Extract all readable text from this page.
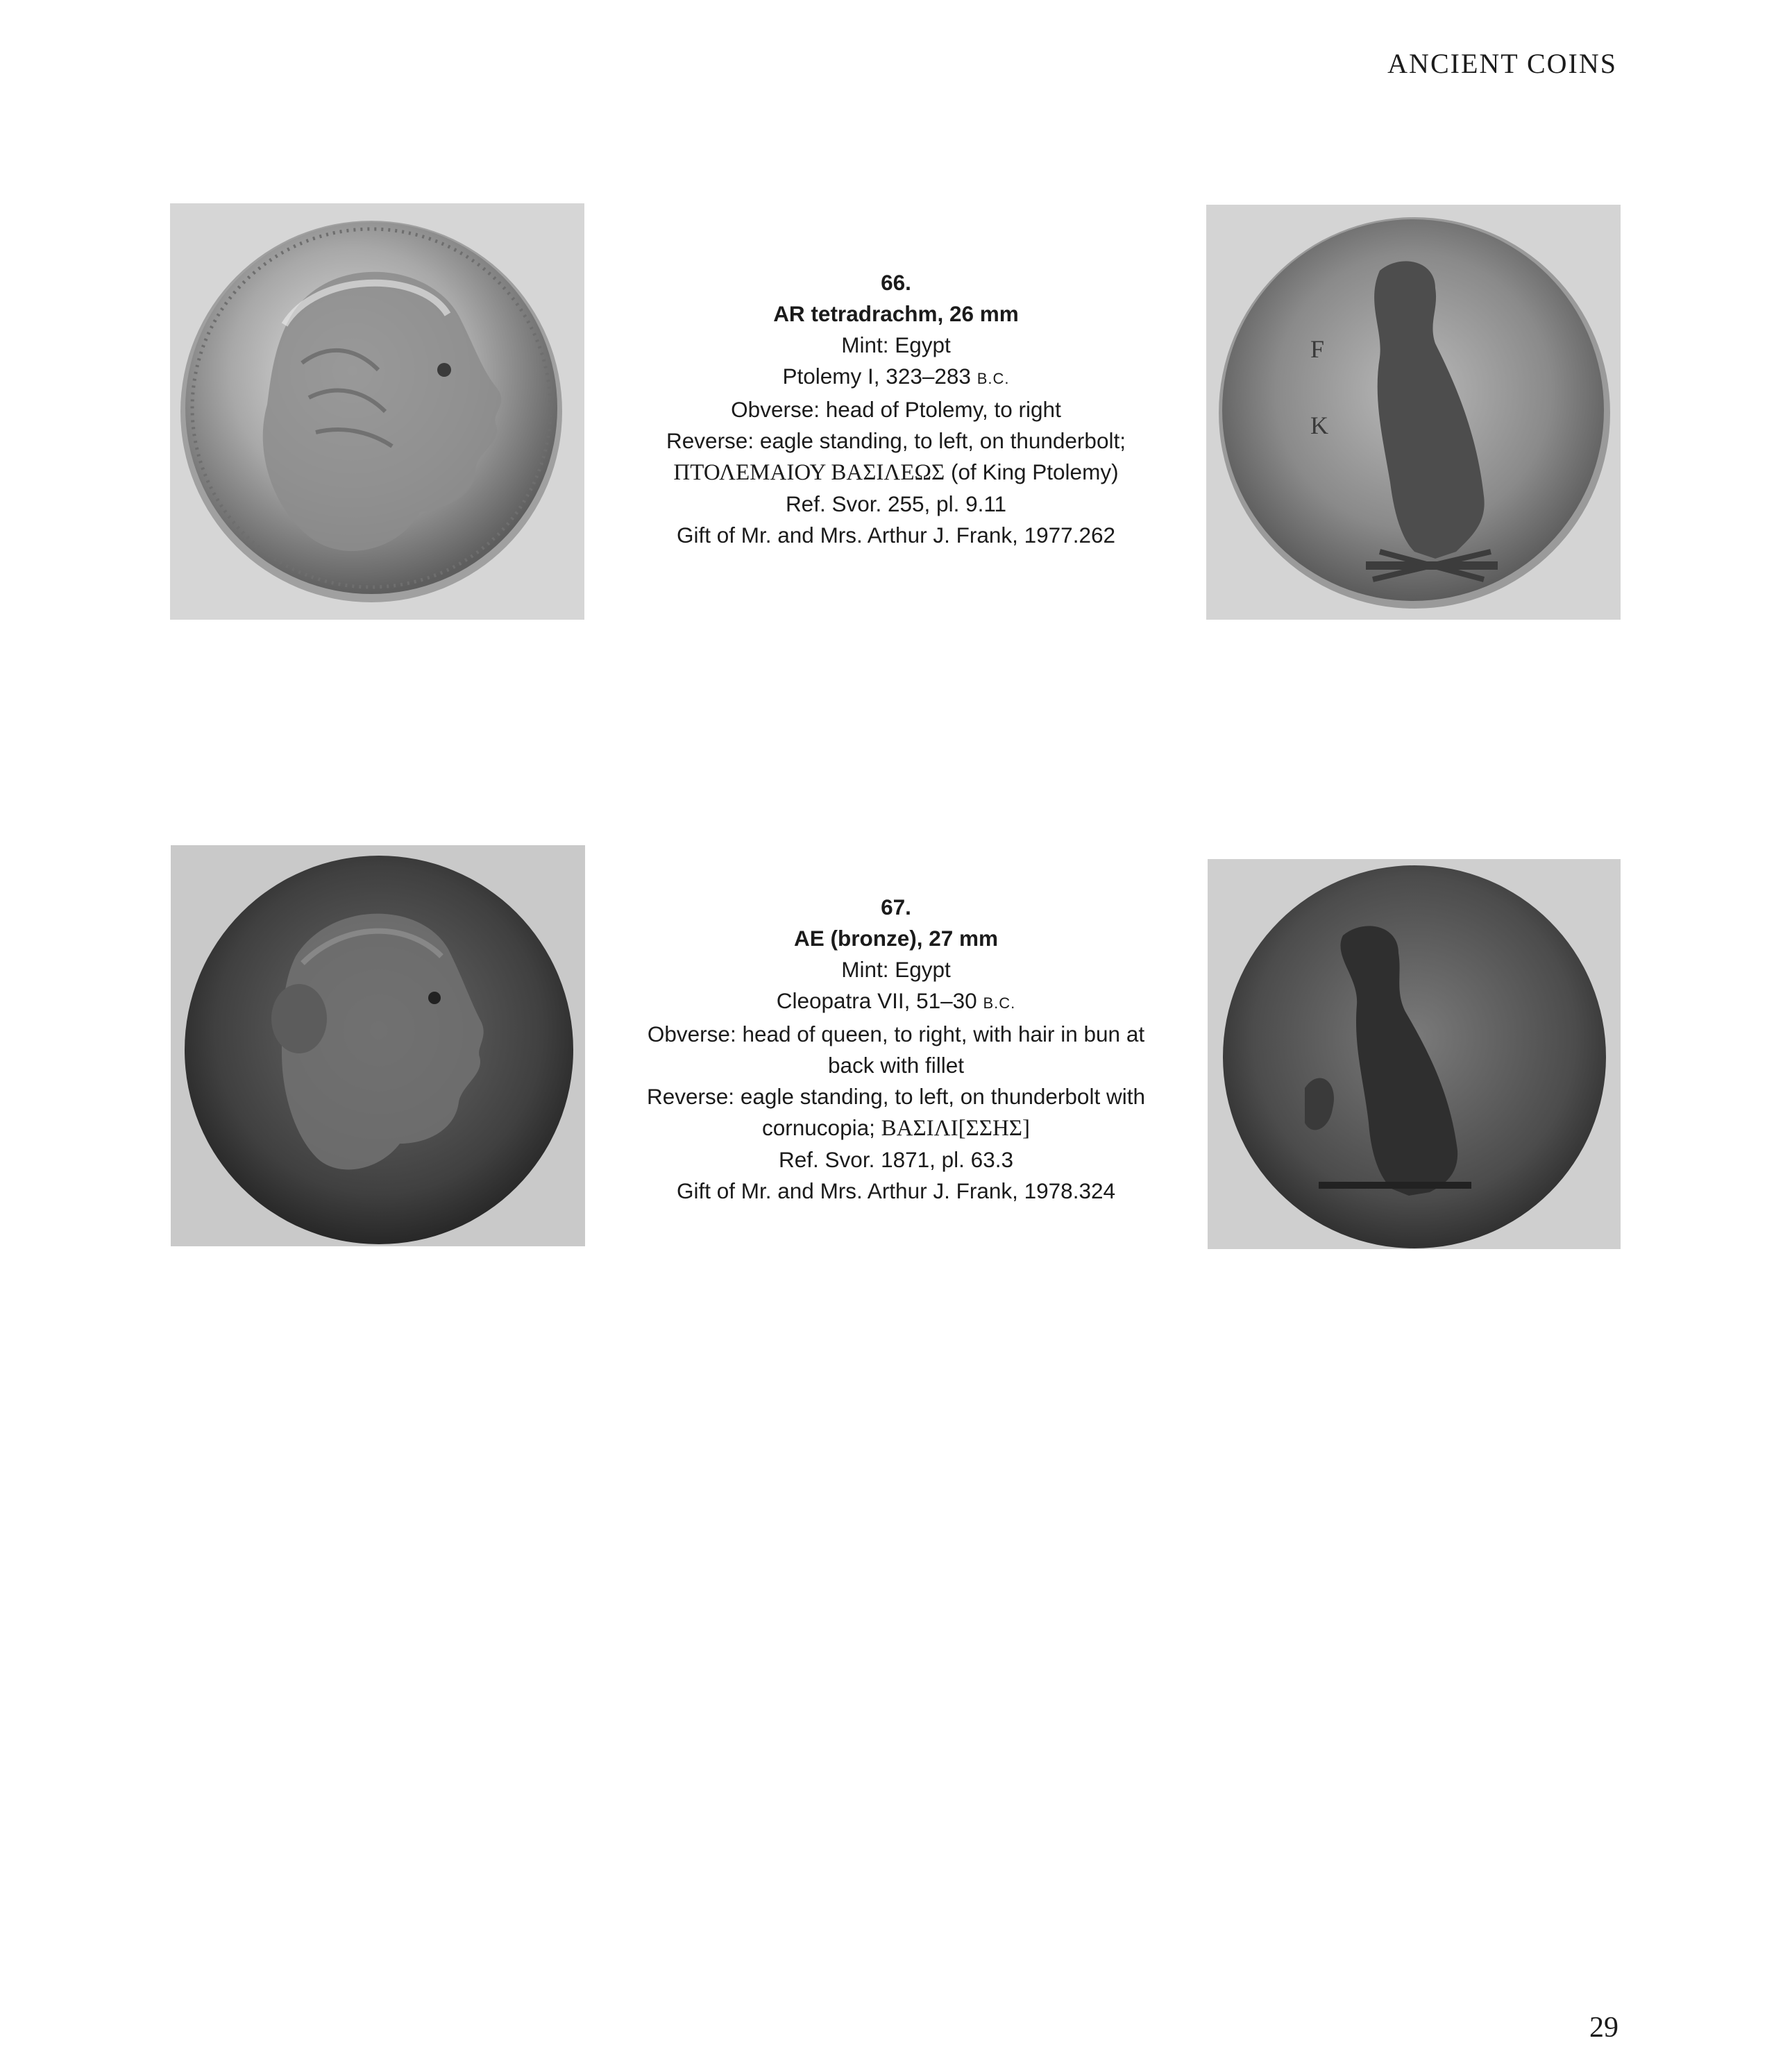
ANCIENT COINS
66.
AR tetradrachm, 26 mm
Mint: Egypt
Ptolemy I, 323–283 B.C.
Obverse: head of Ptolemy, to right
Reverse: eagle standing, to left, on thunderbolt;
ΠΤΟΛΕΜΑΙΟΥ ΒΑΣΙΛΕΩΣ (of King Ptolemy)
Ref. Svor. 255, pl. 9.11
Gift of Mr. and Mrs. Arthur J. Frank, 1977.262
F
K
67.
AE (bronze), 27 mm
Mint: Egypt
Cleopatra VII, 51–30 B.C.
Obverse: head of queen, to right, with hair in bun at
back with fillet
Reverse: eagle standing, to left, on thunderbolt with
cornucopia; ΒΑΣΙΛΙ[ΣΣΗΣ]
Ref. Svor. 1871, pl. 63.3
Gift of Mr. and Mrs. Arthur J. Frank, 1978.324
29
